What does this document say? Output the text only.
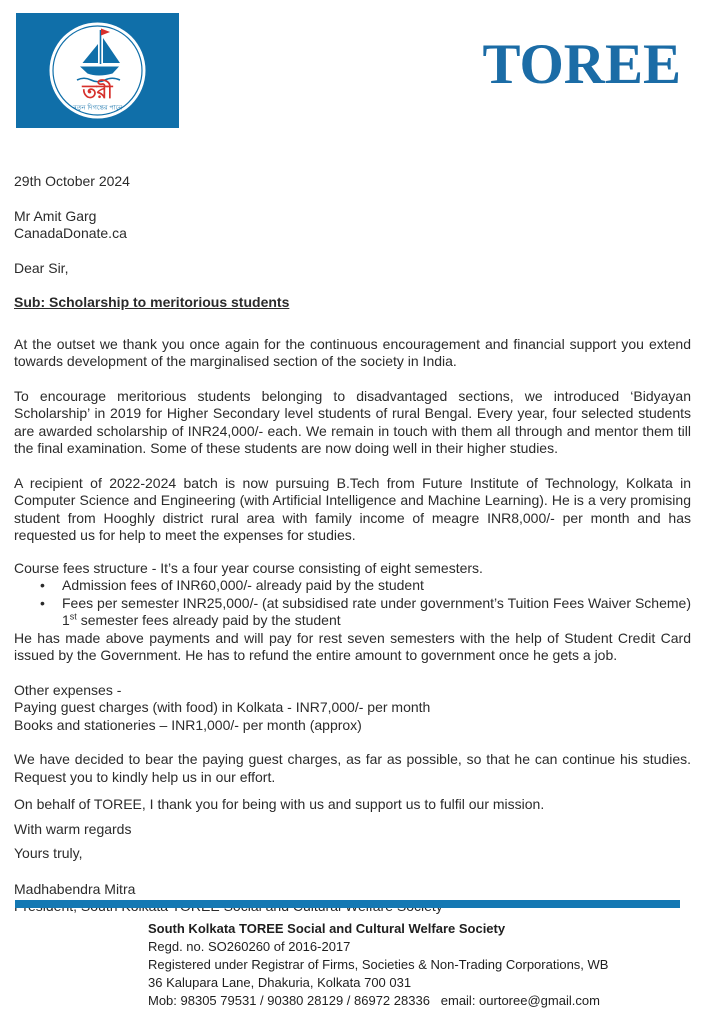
তরী
নতুন দিগন্তের পানে
TOREE
29th October 2024
Mr Amit Garg
CanadaDonate.ca
Dear Sir,
Sub: Scholarship to meritorious students
At the outset we thank you once again for the continuous encouragement and financial support you extend towards development of the marginalised section of the society in India.
To encourage meritorious students belonging to disadvantaged sections, we introduced ‘Bidyayan Scholarship’ in 2019 for Higher Secondary level students of rural Bengal. Every year, four selected students are awarded scholarship of INR24,000/- each. We remain in touch with them all through and mentor them till the final examination. Some of these students are now doing well in their higher studies.
A recipient of 2022-2024 batch is now pursuing B.Tech from Future Institute of Technology, Kolkata in Computer Science and Engineering (with Artificial Intelligence and Machine Learning). He is a very promising student from Hooghly district rural area with family income of meagre INR8,000/- per month and has requested us for help to meet the expenses for studies.
Course fees structure - It’s a four year course consisting of eight semesters.
• Admission fees of INR60,000/- already paid by the student
• Fees per semester INR25,000/- (at subsidised rate under government’s Tuition Fees Waiver Scheme) 1st semester fees already paid by the student
He has made above payments and will pay for rest seven semesters with the help of Student Credit Card issued by the Government. He has to refund the entire amount to government once he gets a job.
Other expenses -
Paying guest charges (with food) in Kolkata - INR7,000/- per month
Books and stationeries – INR1,000/- per month (approx)
We have decided to bear the paying guest charges, as far as possible, so that he can continue his studies. Request you to kindly help us in our effort.
On behalf of TOREE, I thank you for being with us and support us to fulfil our mission.
With warm regards
Yours truly,
Madhabendra Mitra
South Kolkata TOREE Social and Cultural Welfare Society
Regd. no. SO260260 of 2016-2017
Registered under Registrar of Firms, Societies & Non-Trading Corporations, WB
36 Kalupara Lane, Dhakuria, Kolkata 700 031
Mob: 98305 79531 / 90380 28129 / 86972 28336   email: ourtoree@gmail.com
